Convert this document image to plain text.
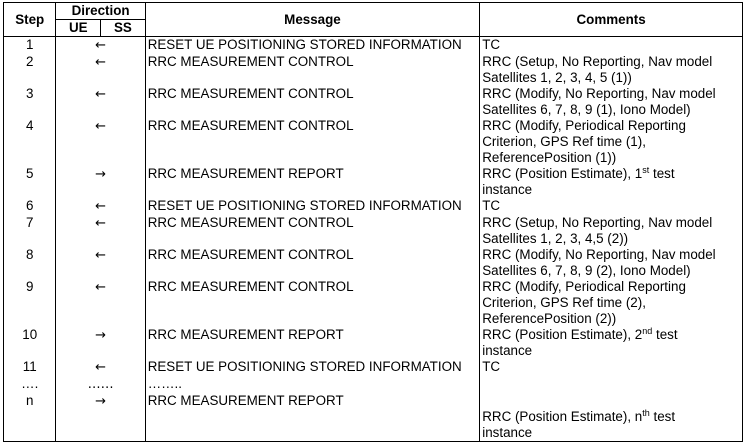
Step	Direction		Message	Comments
	UE	SS		
1	←		RESET UE POSITIONING STORED INFORMATION	TC

2	←		RRC MEASUREMENT CONTROL	RRC (Setup, No Reporting, Nav model
Satellites 1, 2, 3, 4, 5 (1))

3	←		RRC MEASUREMENT CONTROL	RRC (Modify, No Reporting, Nav model
Satellites 6, 7, 8, 9 (1), Iono Model)

4	←		RRC MEASUREMENT CONTROL	RRC (Modify, Periodical Reporting
Criterion, GPS Ref time (1),
ReferencePosition (1))

5	→		RRC MEASUREMENT REPORT	RRC (Position Estimate), 1st test
instance

6	←		RESET UE POSITIONING STORED INFORMATION	TC

7	←		RRC MEASUREMENT CONTROL	RRC (Setup, No Reporting, Nav model
Satellites 1, 2, 3, 4,5 (2))

8	←		RRC MEASUREMENT CONTROL	RRC (Modify, No Reporting, Nav model
Satellites 6, 7, 8, 9 (2), Iono Model)

9	←		RRC MEASUREMENT CONTROL	RRC (Modify, Periodical Reporting
Criterion, GPS Ref time (2),
ReferencePosition (2))

10	→		RRC MEASUREMENT REPORT	RRC (Position Estimate), 2nd test
instance

11	←		RESET UE POSITIONING STORED INFORMATION	TC

….	……		……..	

n	→		RRC MEASUREMENT REPORT	RRC (Position Estimate), $n^{th}$ test
instance
